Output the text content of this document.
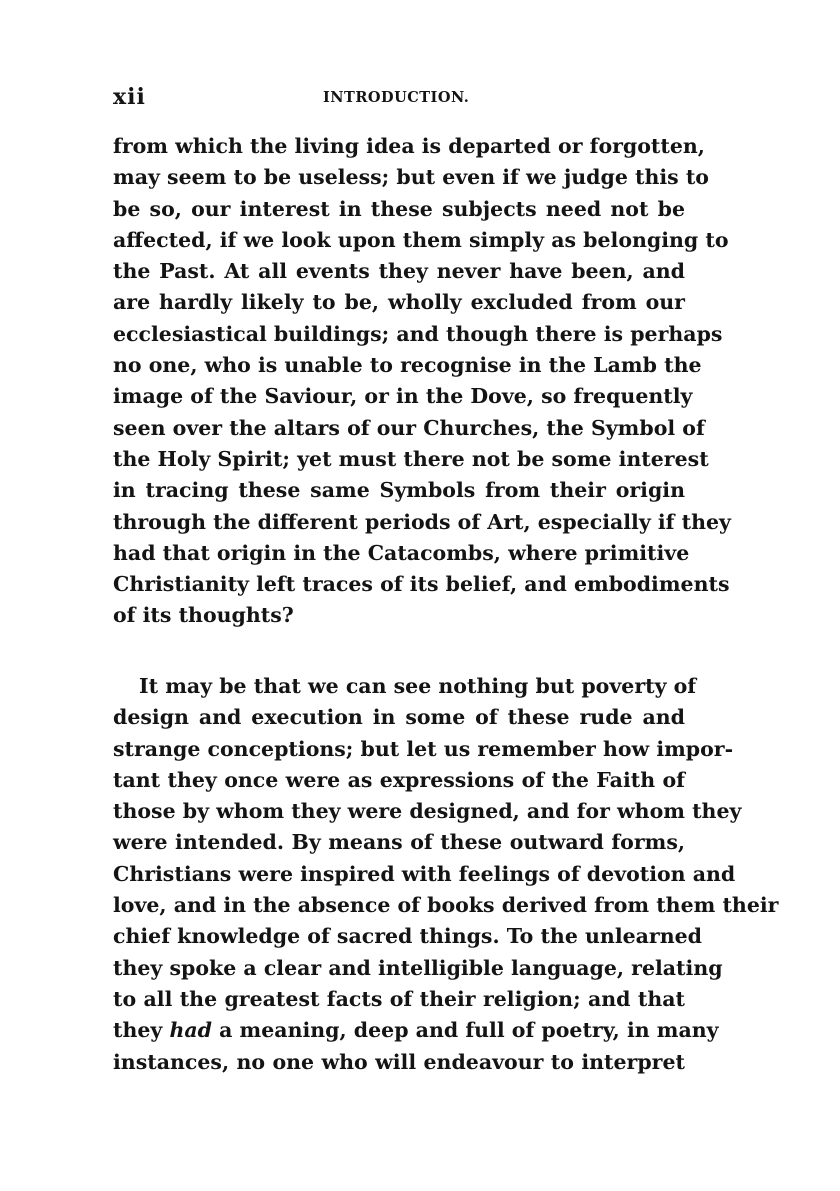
xii	INTRODUCTION.
from which the living idea is departed or forgotten,
may seem to be useless; but even if we judge this to
be so, our interest in these subjects need not be
affected, if we look upon them simply as belonging to
the Past. At all events they never have been, and
are hardly likely to be, wholly excluded from our
ecclesiastical buildings; and though there is perhaps
no one, who is unable to recognise in the Lamb the
image of the Saviour, or in the Dove, so frequently
seen over the altars of our Churches, the Symbol of
the Holy Spirit; yet must there not be some interest
in tracing these same Symbols from their origin
through the different periods of Art, especially if they
had that origin in the Catacombs, where primitive
Christianity left traces of its belief, and embodiments
of its thoughts?
It may be that we can see nothing but poverty of
design and execution in some of these rude and
strange conceptions; but let us remember how impor-
tant they once were as expressions of the Faith of
those by whom they were designed, and for whom they
were intended. By means of these outward forms,
Christians were inspired with feelings of devotion and
love, and in the absence of books derived from them their
chief knowledge of sacred things. To the unlearned
they spoke a clear and intelligible language, relating
to all the greatest facts of their religion; and that
they had a meaning, deep and full of poetry, in many
instances, no one who will endeavour to interpret
